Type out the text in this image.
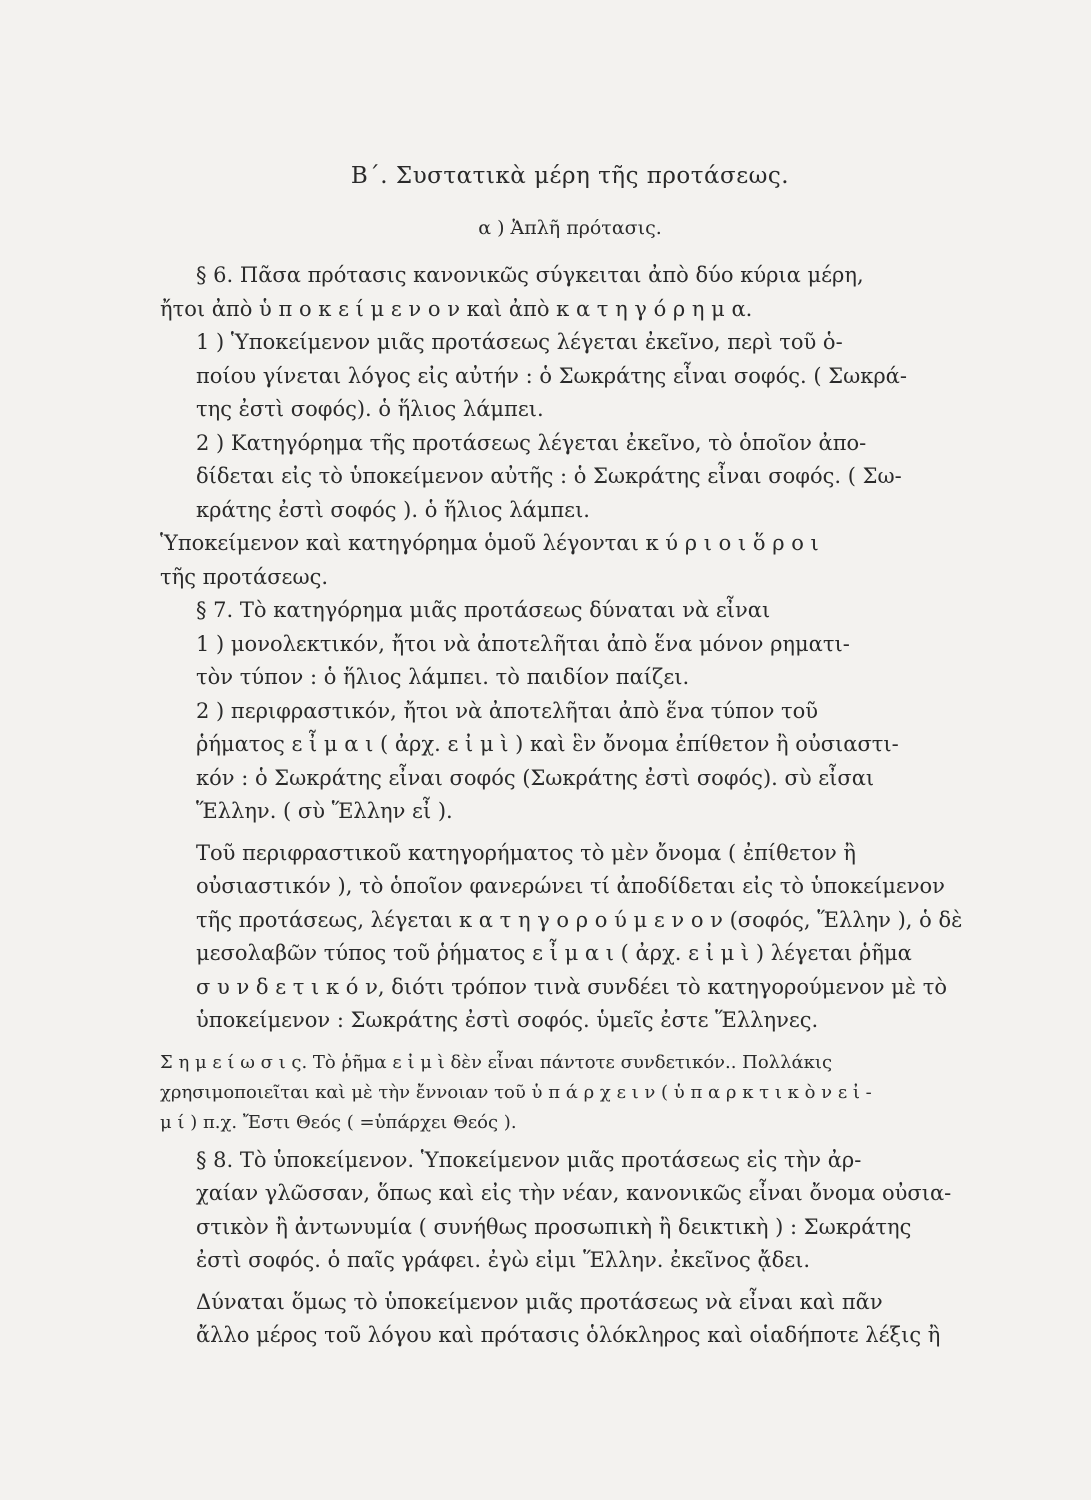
Β΄. Συστατικὰ μέρη τῆς προτάσεως.
α ) Ἁπλῆ πρότασις.
§ 6. Πᾶσα πρότασις κανονικῶς σύγκειται ἀπὸ δύο κύρια μέρη,
ἤτοι ἀπὸ ὑ π ο κ ε ί μ ε ν ο ν καὶ ἀπὸ κ α τ η γ ό ρ η μ α.
1 ) Ὑποκείμενον μιᾶς προτάσεως λέγεται ἐκεῖνο, περὶ τοῦ ὁ-
ποίου γίνεται λόγος εἰς αὐτήν : ὁ Σωκράτης εἶναι σοφός. ( Σωκρά-
της ἐστὶ σοφός). ὁ ἥλιος λάμπει.
2 ) Κατηγόρημα τῆς προτάσεως λέγεται ἐκεῖνο, τὸ ὁποῖον ἀπο-
δίδεται εἰς τὸ ὑποκείμενον αὐτῆς : ὁ Σωκράτης εἶναι σοφός. ( Σω-
κράτης ἐστὶ σοφός ). ὁ ἥλιος λάμπει.
Ὑποκείμενον καὶ κατηγόρημα ὁμοῦ λέγονται κ ύ ρ ι ο ι ὅ ρ ο ι
τῆς προτάσεως.
§ 7. Τὸ κατηγόρημα μιᾶς προτάσεως δύναται νὰ εἶναι
1 ) μονολεκτικόν, ἤτοι νὰ ἀποτελῆται ἀπὸ ἕνα μόνον ρηματι-
τὸν τύπον : ὁ ἥλιος λάμπει. τὸ παιδίον παίζει.
2 ) περιφραστικόν, ἤτοι νὰ ἀποτελῆται ἀπὸ ἕνα τύπον τοῦ
ῥήματος ε ἶ μ α ι ( ἀρχ. ε ἰ μ ὶ ) καὶ ἓν ὄνομα ἐπίθετον ἢ οὐσιαστι-
κόν : ὁ Σωκράτης εἶναι σοφός (Σωκράτης ἐστὶ σοφός). σὺ εἶσαι
Ἕλλην. ( σὺ Ἕλλην εἶ ).
Τοῦ περιφραστικοῦ κατηγορήματος τὸ μὲν ὄνομα ( ἐπίθετον ἢ
οὐσιαστικόν ), τὸ ὁποῖον φανερώνει τί ἀποδίδεται εἰς τὸ ὑποκείμενον
τῆς προτάσεως, λέγεται κ α τ η γ ο ρ ο ύ μ ε ν ο ν (σοφός, Ἕλλην ), ὁ δὲ
μεσολαβῶν τύπος τοῦ ῥήματος ε ἶ μ α ι ( ἀρχ. ε ἰ μ ὶ ) λέγεται ῥῆμα
σ υ ν δ ε τ ι κ ό ν, διότι τρόπον τινὰ συνδέει τὸ κατηγορούμενον μὲ τὸ
ὑποκείμενον : Σωκράτης ἐστὶ σοφός. ὑμεῖς ἐστε Ἕλληνες.
Σ η μ ε ί ω σ ι ς. Τὸ ῥῆμα ε ἰ μ ὶ δὲν εἶναι πάντοτε συνδετικόν.. Πολλάκις
χρησιμοποιεῖται καὶ μὲ τὴν ἔννοιαν τοῦ ὑ π ά ρ χ ε ι ν ( ὑ π α ρ κ τ ι κ ὸ ν ε ἰ -
μ ί ) π.χ. Ἔστι Θεός ( =ὑπάρχει Θεός ).
§ 8. Τὸ ὑποκείμενον. Ὑποκείμενον μιᾶς προτάσεως εἰς τὴν ἀρ-
χαίαν γλῶσσαν, ὅπως καὶ εἰς τὴν νέαν, κανονικῶς εἶναι ὄνομα οὐσια-
στικὸν ἢ ἀντωνυμία ( συνήθως προσωπικὴ ἢ δεικτικὴ ) : Σωκράτης
ἐστὶ σοφός. ὁ παῖς γράφει. ἐγὼ εἰμι Ἕλλην. ἐκεῖνος ᾄδει.
Δύναται ὅμως τὸ ὑποκείμενον μιᾶς προτάσεως νὰ εἶναι καὶ πᾶν
ἄλλο μέρος τοῦ λόγου καὶ πρότασις ὁλόκληρος καὶ οἱαδήποτε λέξις ἢ
